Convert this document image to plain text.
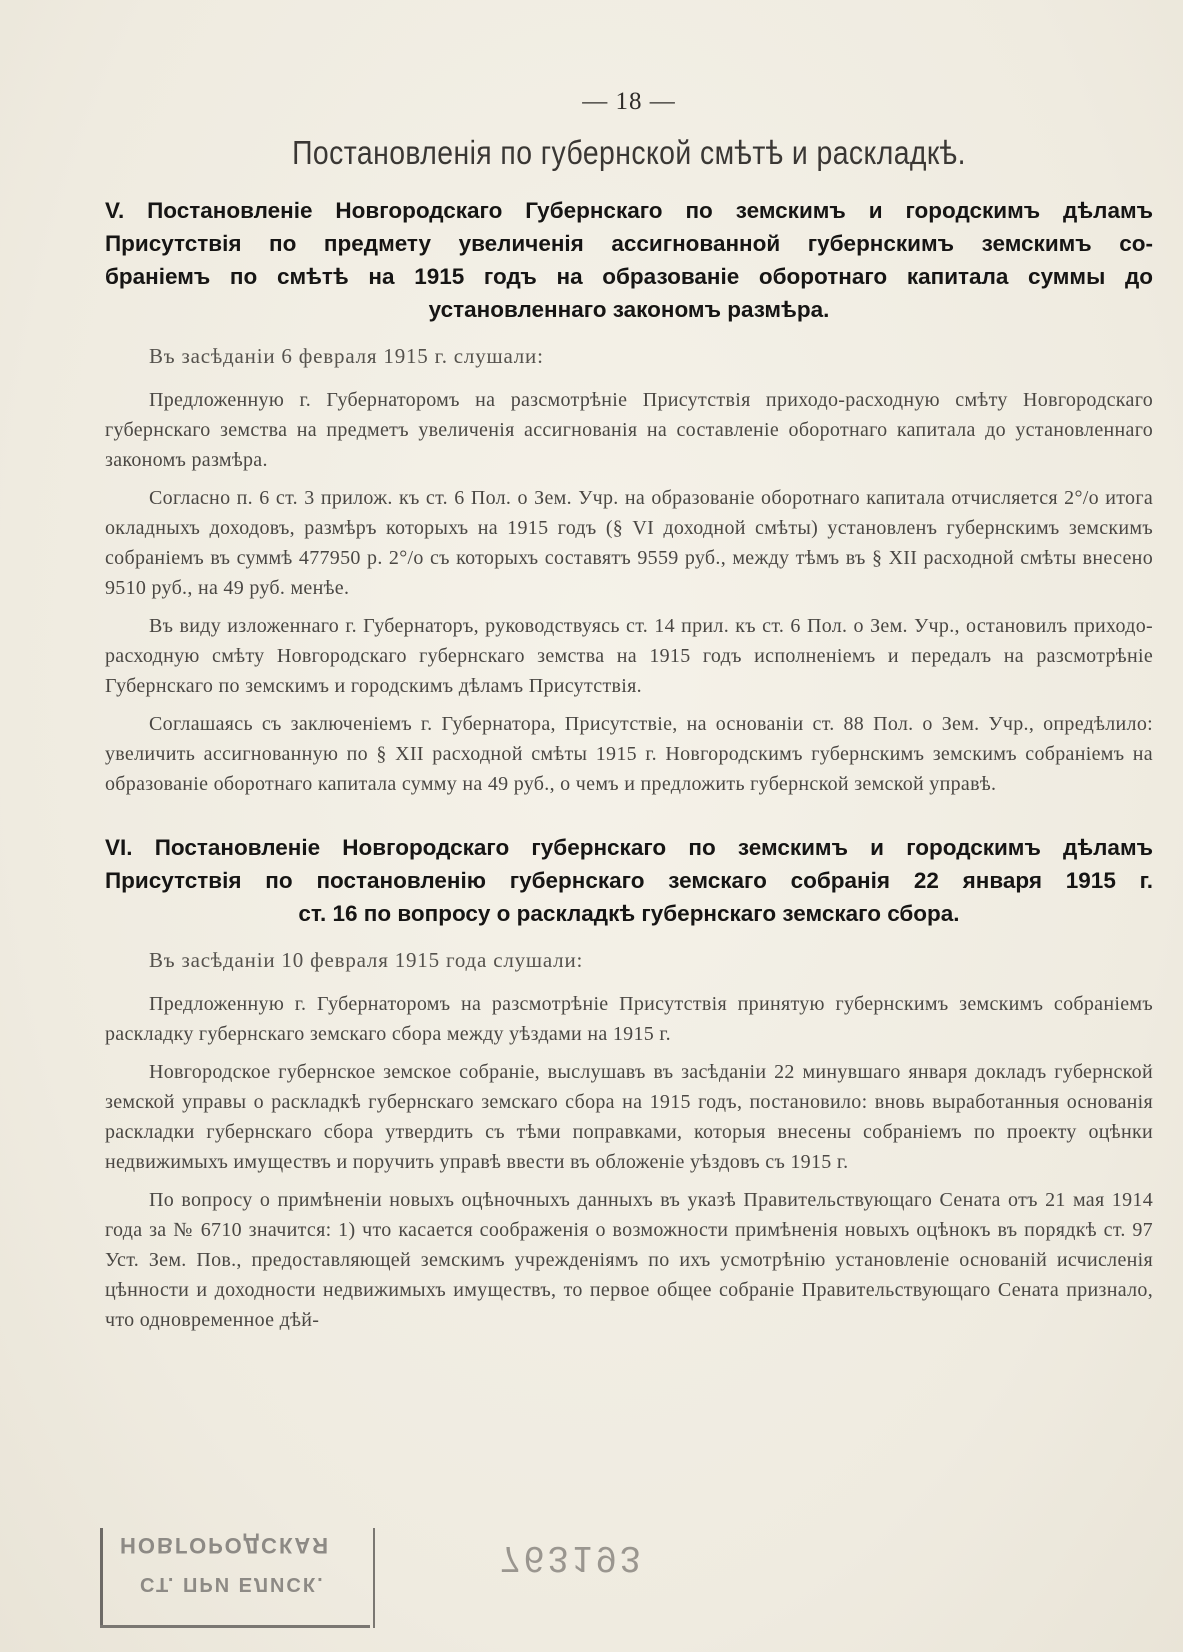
— 18 —
Постановленія по губернской смѣтѣ и раскладкѣ.
V. Постановленіе Новгородскаго Губернскаго по земскимъ и городскимъ дѣламъ
Присутствія по предмету увеличенія ассигнованной губернскимъ земскимъ со-
браніемъ по смѣтѣ на 1915 годъ на образованіе оборотнаго капитала суммы до
установленнаго закономъ размѣра.
Въ засѣданіи 6 февраля 1915 г. слушали:

Предложенную г. Губернаторомъ на разсмотрѣніе Присутствія приходо-расходную смѣту Новгородскаго губернскаго земства на предметъ увеличенія ассигнованія на составленіе оборотнаго капитала до установленнаго закономъ размѣра.

Согласно п. 6 ст. 3 прилож. къ ст. 6 Пол. о Зем. Учр. на образованіе оборотнаго капитала отчисляется 2°/о итога окладныхъ доходовъ, размѣръ которыхъ на 1915 годъ (§ VI доходной смѣты) установленъ губернскимъ земскимъ собраніемъ въ суммѣ 477950 р. 2°/о съ которыхъ составятъ 9559 руб., между тѣмъ въ § XII расходной смѣты внесено 9510 руб., на 49 руб. менѣе.

Въ виду изложеннаго г. Губернаторъ, руководствуясь ст. 14 прил. къ ст. 6 Пол. о Зем. Учр., остановилъ приходо-расходную смѣту Новгородскаго губернскаго земства на 1915 годъ исполненіемъ и передалъ на разсмотрѣніе Губернскаго по земскимъ и городскимъ дѣламъ Присутствія.

Соглашаясь съ заключеніемъ г. Губернатора, Присутствіе, на основаніи ст. 88 Пол. о Зем. Учр., опредѣлило: увеличить ассигнованную по § XII расходной смѣты 1915 г. Новгородскимъ губернскимъ земскимъ собраніемъ на образованіе оборотнаго капитала сумму на 49 руб., о чемъ и предложить губернской земской управѣ.

VI. Постановленіе Новгородскаго губернскаго по земскимъ и городскимъ дѣламъ
Присутствія по постановленію губернскаго земскаго собранія 22 января 1915 г.
ст. 16 по вопросу о раскладкѣ губернскаго земскаго сбора.
Въ засѣданіи 10 февраля 1915 года слушали:

Предложенную г. Губернаторомъ на разсмотрѣніе Присутствія принятую губернскимъ земскимъ собраніемъ раскладку губернскаго земскаго сбора между уѣздами на 1915 г.

Новгородское губернское земское собраніе, выслушавъ въ засѣданіи 22 минувшаго января докладъ губернской земской управы о раскладкѣ губернскаго земскаго сбора на 1915 годъ, постановило: вновь выработанныя основанія раскладки губернскаго сбора утвердить съ тѣми поправками, которыя внесены собраніемъ по проекту оцѣнки недвижимыхъ имуществъ и поручить управѣ ввести въ обложеніе уѣздовъ съ 1915 г.

По вопросу о примѣненіи новыхъ оцѣночныхъ данныхъ въ указѣ Правительствующаго Сената отъ 21 мая 1914 года за № 6710 значится: 1) что касается соображенія о возможности примѣненія новыхъ оцѣнокъ въ порядкѣ ст. 97 Уст. Зем. Пов., предоставляющей земскимъ учрежденіямъ по ихъ усмотрѣнію установленіе основаній исчисленія цѣнности и доходности недвижимыхъ имуществъ, то первое общее собраніе Правительствующаго Сената признало, что одновременное дѣй-

НОВГОРОДСКАЯ
СТ. ПРИ ЕЛИСК.
763193
